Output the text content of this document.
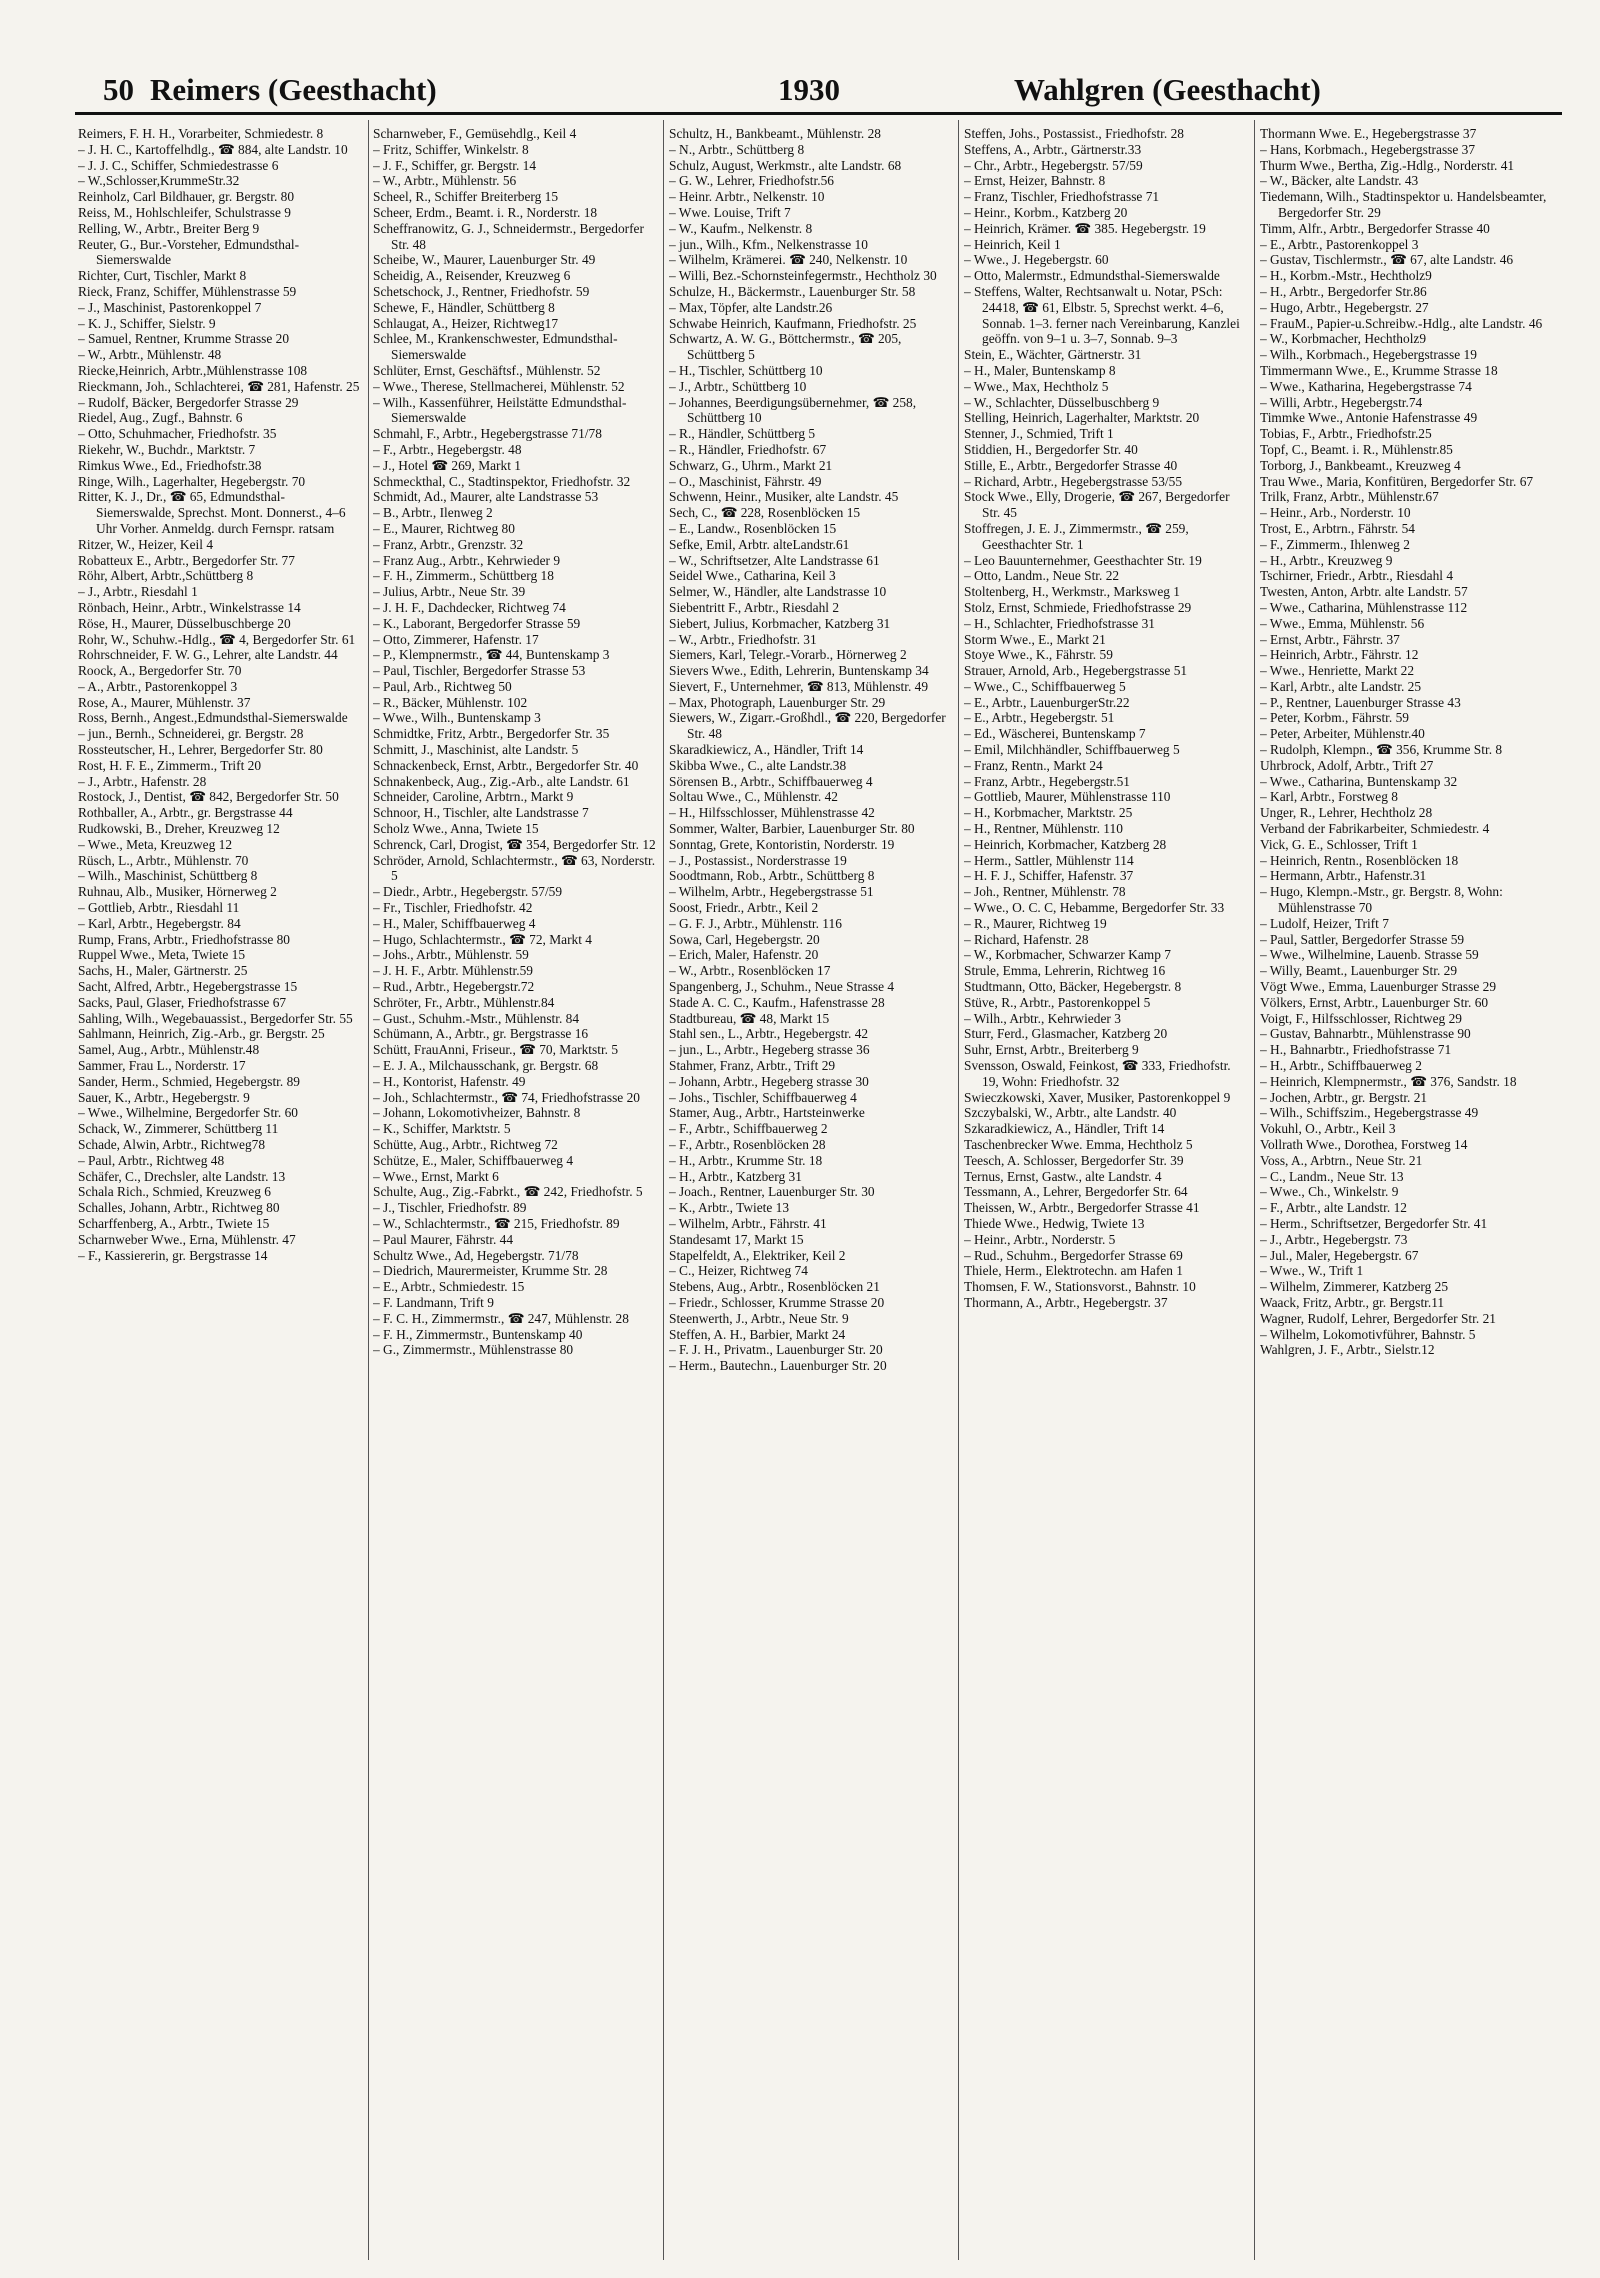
50 Reimers (Geesthacht)	1930	Wahlgren (Geesthacht)
Reimers, F. H. H., Vorarbeiter, Schmiedestr. 8
– J. H. C., Kartoffelhdlg., ☎ 884, alte Landstr. 10
– J. J. C., Schiffer, Schmiedestrasse 6
– W.,Schlosser,KrummeStr.32
Reinholz, Carl Bildhauer, gr. Bergstr. 80
Reiss, M., Hohlschleifer, Schulstrasse 9
Relling, W., Arbtr., Breiter Berg 9
Reuter, G., Bur.-Vorsteher, Edmundsthal-Siemerswalde
Richter, Curt, Tischler, Markt 8
Rieck, Franz, Schiffer, Mühlenstrasse 59
– J., Maschinist, Pastorenkoppel 7
– K. J., Schiffer, Sielstr. 9
– Samuel, Rentner, Krumme Strasse 20
– W., Arbtr., Mühlenstr. 48
Riecke,Heinrich, Arbtr.,Mühlenstrasse 108
Rieckmann, Joh., Schlachterei, ☎ 281, Hafenstr. 25
– Rudolf, Bäcker, Bergedorfer Strasse 29
Riedel, Aug., Zugf., Bahnstr. 6
– Otto, Schuhmacher, Friedhofstr. 35
Riekehr, W., Buchdr., Marktstr. 7
Rimkus Wwe., Ed., Friedhofstr.38
Ringe, Wilh., Lagerhalter, Hegebergstr. 70
Ritter, K. J., Dr., ☎ 65, Edmundsthal-Siemerswalde, Sprechst. Mont. Donnerst., 4–6 Uhr Vorher. Anmeldg. durch Fernspr. ratsam
Ritzer, W., Heizer, Keil 4
Robatteux E., Arbtr., Bergedorfer Str. 77
Röhr, Albert, Arbtr.,Schüttberg 8
– J., Arbtr., Riesdahl 1
Rönbach, Heinr., Arbtr., Winkelstrasse 14
Röse, H., Maurer, Düsselbuschberge 20
Rohr, W., Schuhw.-Hdlg., ☎ 4, Bergedorfer Str. 61
Rohrschneider, F. W. G., Lehrer, alte Landstr. 44
Roock, A., Bergedorfer Str. 70
– A., Arbtr., Pastorenkoppel 3
Rose, A., Maurer, Mühlenstr. 37
Ross, Bernh., Angest.,Edmundsthal-Siemerswalde
– jun., Bernh., Schneiderei, gr. Bergstr. 28
Rossteutscher, H., Lehrer, Bergedorfer Str. 80
Rost, H. F. E., Zimmerm., Trift 20
– J., Arbtr., Hafenstr. 28
Rostock, J., Dentist, ☎ 842, Bergedorfer Str. 50
Rothballer, A., Arbtr., gr. Bergstrasse 44
Rudkowski, B., Dreher, Kreuzweg 12
– Wwe., Meta, Kreuzweg 12
Rüsch, L., Arbtr., Mühlenstr. 70
– Wilh., Maschinist, Schüttberg 8
Ruhnau, Alb., Musiker, Hörnerweg 2
– Gottlieb, Arbtr., Riesdahl 11
– Karl, Arbtr., Hegebergstr. 84
Rump, Frans, Arbtr., Friedhofstrasse 80
Ruppel Wwe., Meta, Twiete 15
Sachs, H., Maler, Gärtnerstr. 25
Sacht, Alfred, Arbtr., Hegebergstrasse 15
Sacks, Paul, Glaser, Friedhofstrasse 67
Sahling, Wilh., Wegebauassist., Bergedorfer Str. 55
Sahlmann, Heinrich, Zig.-Arb., gr. Bergstr. 25
Samel, Aug., Arbtr., Mühlenstr.48
Sammer, Frau L., Norderstr. 17
Sander, Herm., Schmied, Hegebergstr. 89
Sauer, K., Arbtr., Hegebergstr. 9
– Wwe., Wilhelmine, Bergedorfer Str. 60
Schack, W., Zimmerer, Schüttberg 11
Schade, Alwin, Arbtr., Richtweg78
– Paul, Arbtr., Richtweg 48
Schäfer, C., Drechsler, alte Landstr. 13
Schala Rich., Schmied, Kreuzweg 6
Schalles, Johann, Arbtr., Richtweg 80
Scharffenberg, A., Arbtr., Twiete 15
Scharnweber Wwe., Erna, Mühlenstr. 47
– F., Kassiererin, gr. Bergstrasse 14
Scharnweber, F., Gemüsehdlg., Keil 4
– Fritz, Schiffer, Winkelstr. 8
– J. F., Schiffer, gr. Bergstr. 14
– W., Arbtr., Mühlenstr. 56
Scheel, R., Schiffer Breiterberg 15
Scheer, Erdm., Beamt. i. R., Norderstr. 18
Scheffranowitz, G. J., Schneidermstr., Bergedorfer Str. 48
Scheibe, W., Maurer, Lauenburger Str. 49
Scheidig, A., Reisender, Kreuzweg 6
Schetschock, J., Rentner, Friedhofstr. 59
Schewe, F., Händler, Schüttberg 8
Schlaugat, A., Heizer, Richtweg17
Schlee, M., Krankenschwester, Edmundsthal-Siemerswalde
Schlüter, Ernst, Geschäftsf., Mühlenstr. 52
– Wwe., Therese, Stellmacherei, Mühlenstr. 52
– Wilh., Kassenführer, Heilstätte Edmundsthal-Siemerswalde
Schmahl, F., Arbtr., Hegebergstrasse 71/78
– F., Arbtr., Hegebergstr. 48
– J., Hotel ☎ 269, Markt 1
Schmeckthal, C., Stadtinspektor, Friedhofstr. 32
Schmidt, Ad., Maurer, alte Landstrasse 53
– B., Arbtr., Ilenweg 2
– E., Maurer, Richtweg 80
– Franz, Arbtr., Grenzstr. 32
– Franz Aug., Arbtr., Kehrwieder 9
– F. H., Zimmerm., Schüttberg 18
– Julius, Arbtr., Neue Str. 39
– J. H. F., Dachdecker, Richtweg 74
– K., Laborant, Bergedorfer Strasse 59
– Otto, Zimmerer, Hafenstr. 17
– P., Klempnermstr., ☎ 44, Buntenskamp 3
– Paul, Tischler, Bergedorfer Strasse 53
– Paul, Arb., Richtweg 50
– R., Bäcker, Mühlenstr. 102
– Wwe., Wilh., Buntenskamp 3
Schmidtke, Fritz, Arbtr., Bergedorfer Str. 35
Schmitt, J., Maschinist, alte Landstr. 5
Schnackenbeck, Ernst, Arbtr., Bergedorfer Str. 40
Schnakenbeck, Aug., Zig.-Arb., alte Landstr. 61
Schneider, Caroline, Arbtrn., Markt 9
Schnoor, H., Tischler, alte Landstrasse 7
Scholz Wwe., Anna, Twiete 15
Schrenck, Carl, Drogist, ☎ 354, Bergedorfer Str. 12
Schröder, Arnold, Schlachtermstr., ☎ 63, Norderstr. 5
– Diedr., Arbtr., Hegebergstr. 57/59
– Fr., Tischler, Friedhofstr. 42
– H., Maler, Schiffbauerweg 4
– Hugo, Schlachtermstr., ☎ 72, Markt 4
– Johs., Arbtr., Mühlenstr. 59
– J. H. F., Arbtr. Mühlenstr.59
– Rud., Arbtr., Hegebergstr.72
Schröter, Fr., Arbtr., Mühlenstr.84
– Gust., Schuhm.-Mstr., Mühlenstr. 84
Schümann, A., Arbtr., gr. Bergstrasse 16
Schütt, FrauAnni, Friseur., ☎ 70, Marktstr. 5
– E. J. A., Milchausschank, gr. Bergstr. 68
– H., Kontorist, Hafenstr. 49
– Joh., Schlachtermstr., ☎ 74, Friedhofstrasse 20
– Johann, Lokomotivheizer, Bahnstr. 8
– K., Schiffer, Marktstr. 5
Schütte, Aug., Arbtr., Richtweg 72
Schütze, E., Maler, Schiffbauerweg 4
– Wwe., Ernst, Markt 6
Schulte, Aug., Zig.-Fabrkt., ☎ 242, Friedhofstr. 5
– J., Tischler, Friedhofstr. 89
– W., Schlachtermstr., ☎ 215, Friedhofstr. 89
– Paul Maurer, Fährstr. 44
Schultz Wwe., Ad, Hegebergstr. 71/78
– Diedrich, Maurermeister, Krumme Str. 28
– E., Arbtr., Schmiedestr. 15
– F. Landmann, Trift 9
– F. C. H., Zimmermstr., ☎ 247, Mühlenstr. 28
– F. H., Zimmermstr., Buntenskamp 40
– G., Zimmermstr., Mühlenstrasse 80
Schultz, H., Bankbeamt., Mühlenstr. 28
– N., Arbtr., Schüttberg 8
Schulz, August, Werkmstr., alte Landstr. 68
– G. W., Lehrer, Friedhofstr.56
– Heinr. Arbtr., Nelkenstr. 10
– Wwe. Louise, Trift 7
– W., Kaufm., Nelkenstr. 8
– jun., Wilh., Kfm., Nelkenstrasse 10
– Wilhelm, Krämerei. ☎ 240, Nelkenstr. 10
– Willi, Bez.-Schornsteinfegermstr., Hechtholz 30
Schulze, H., Bäckermstr., Lauenburger Str. 58
– Max, Töpfer, alte Landstr.26
Schwabe Heinrich, Kaufmann, Friedhofstr. 25
Schwartz, A. W. G., Böttchermstr., ☎ 205, Schüttberg 5
– H., Tischler, Schüttberg 10
– J., Arbtr., Schüttberg 10
– Johannes, Beerdigungsübernehmer, ☎ 258, Schüttberg 10
– R., Händler, Schüttberg 5
– R., Händler, Friedhofstr. 67
Schwarz, G., Uhrm., Markt 21
– O., Maschinist, Fährstr. 49
Schwenn, Heinr., Musiker, alte Landstr. 45
Sech, C., ☎ 228, Rosenblöcken 15
– E., Landw., Rosenblöcken 15
Sefke, Emil, Arbtr. alteLandstr.61
– W., Schriftsetzer, Alte Landstrasse 61
Seidel Wwe., Catharina, Keil 3
Selmer, W., Händler, alte Landstrasse 10
Siebentritt F., Arbtr., Riesdahl 2
Siebert, Julius, Korbmacher, Katzberg 31
– W., Arbtr., Friedhofstr. 31
Siemers, Karl, Telegr.-Vorarb., Hörnerweg 2
Sievers Wwe., Edith, Lehrerin, Buntenskamp 34
Sievert, F., Unternehmer, ☎ 813, Mühlenstr. 49
– Max, Photograph, Lauenburger Str. 29
Siewers, W., Zigarr.-Großhdl., ☎ 220, Bergedorfer Str. 48
Skaradkiewicz, A., Händler, Trift 14
Skibba Wwe., C., alte Landstr.38
Sörensen B., Arbtr., Schiffbauerweg 4
Soltau Wwe., C., Mühlenstr. 42
– H., Hilfsschlosser, Mühlenstrasse 42
Sommer, Walter, Barbier, Lauenburger Str. 80
Sonntag, Grete, Kontoristin, Norderstr. 19
– J., Postassist., Norderstrasse 19
Soodtmann, Rob., Arbtr., Schüttberg 8
– Wilhelm, Arbtr., Hegebergstrasse 51
Soost, Friedr., Arbtr., Keil 2
– G. F. J., Arbtr., Mühlenstr. 116
Sowa, Carl, Hegebergstr. 20
– Erich, Maler, Hafenstr. 20
– W., Arbtr., Rosenblöcken 17
Spangenberg, J., Schuhm., Neue Strasse 4
Stade A. C. C., Kaufm., Hafenstrasse 28
Stadtbureau, ☎ 48, Markt 15
Stahl sen., L., Arbtr., Hegebergstr. 42
– jun., L., Arbtr., Hegeberg strasse 36
Stahmer, Franz, Arbtr., Trift 29
– Johann, Arbtr., Hegeberg strasse 30
– Johs., Tischler, Schiffbauerweg 4
Stamer, Aug., Arbtr., Hartsteinwerke
– F., Arbtr., Schiffbauerweg 2
– F., Arbtr., Rosenblöcken 28
– H., Arbtr., Krumme Str. 18
– H., Arbtr., Katzberg 31
– Joach., Rentner, Lauenburger Str. 30
– K., Arbtr., Twiete 13
– Wilhelm, Arbtr., Fährstr. 41
Standesamt 17, Markt 15
Stapelfeldt, A., Elektriker, Keil 2
– C., Heizer, Richtweg 74
Stebens, Aug., Arbtr., Rosenblöcken 21
– Friedr., Schlosser, Krumme Strasse 20
Steenwerth, J., Arbtr., Neue Str. 9
Steffen, A. H., Barbier, Markt 24
– F. J. H., Privatm., Lauenburger Str. 20
– Herm., Bautechn., Lauenburger Str. 20
Steffen, Johs., Postassist., Friedhofstr. 28
Steffens, A., Arbtr., Gärtnerstr.33
– Chr., Arbtr., Hegebergstr. 57/59
– Ernst, Heizer, Bahnstr. 8
– Franz, Tischler, Friedhofstrasse 71
– Heinr., Korbm., Katzberg 20
– Heinrich, Krämer. ☎ 385. Hegebergstr. 19
– Heinrich, Keil 1
– Wwe., J. Hegebergstr. 60
– Otto, Malermstr., Edmundsthal-Siemerswalde
– Steffens, Walter, Rechtsanwalt u. Notar, PSch: 24418, ☎ 61, Elbstr. 5, Sprechst werkt. 4–6, Sonnab. 1–3. ferner nach Vereinbarung, Kanzlei geöffn. von 9–1 u. 3–7, Sonnab. 9–3
Stein, E., Wächter, Gärtnerstr. 31
– H., Maler, Buntenskamp 8
– Wwe., Max, Hechtholz 5
– W., Schlachter, Düsselbuschberg 9
Stelling, Heinrich, Lagerhalter, Marktstr. 20
Stenner, J., Schmied, Trift 1
Stiddien, H., Bergedorfer Str. 40
Stille, E., Arbtr., Bergedorfer Strasse 40
– Richard, Arbtr., Hegebergstrasse 53/55
Stock Wwe., Elly, Drogerie, ☎ 267, Bergedorfer Str. 45
Stoffregen, J. E. J., Zimmermstr., ☎ 259, Geesthachter Str. 1
– Leo Bauunternehmer, Geesthachter Str. 19
– Otto, Landm., Neue Str. 22
Stoltenberg, H., Werkmstr., Marksweg 1
Stolz, Ernst, Schmiede, Friedhofstrasse 29
– H., Schlachter, Friedhofstrasse 31
Storm Wwe., E., Markt 21
Stoye Wwe., K., Fährstr. 59
Strauer, Arnold, Arb., Hegebergstrasse 51
– Wwe., C., Schiffbauerweg 5
– E., Arbtr., LauenburgerStr.22
– E., Arbtr., Hegebergstr. 51
– Ed., Wäscherei, Buntenskamp 7
– Emil, Milchhändler, Schiffbauerweg 5
– Franz, Rentn., Markt 24
– Franz, Arbtr., Hegebergstr.51
– Gottlieb, Maurer, Mühlenstrasse 110
– H., Korbmacher, Marktstr. 25
– H., Rentner, Mühlenstr. 110
– Heinrich, Korbmacher, Katzberg 28
– Herm., Sattler, Mühlenstr 114
– H. F. J., Schiffer, Hafenstr. 37
– Joh., Rentner, Mühlenstr. 78
– Wwe., O. C. C, Hebamme, Bergedorfer Str. 33
– R., Maurer, Richtweg 19
– Richard, Hafenstr. 28
– W., Korbmacher, Schwarzer Kamp 7
Strule, Emma, Lehrerin, Richtweg 16
Studtmann, Otto, Bäcker, Hegebergstr. 8
Stüve, R., Arbtr., Pastorenkoppel 5
– Wilh., Arbtr., Kehrwieder 3
Sturr, Ferd., Glasmacher, Katzberg 20
Suhr, Ernst, Arbtr., Breiterberg 9
Svensson, Oswald, Feinkost, ☎ 333, Friedhofstr. 19, Wohn: Friedhofstr. 32
Swieczkowski, Xaver, Musiker, Pastorenkoppel 9
Szczybalski, W., Arbtr., alte Landstr. 40
Szkaradkiewicz, A., Händler, Trift 14
Taschenbrecker Wwe. Emma, Hechtholz 5
Teesch, A. Schlosser, Bergedorfer Str. 39
Ternus, Ernst, Gastw., alte Landstr. 4
Tessmann, A., Lehrer, Bergedorfer Str. 64
Theissen, W., Arbtr., Bergedorfer Strasse 41
Thiede Wwe., Hedwig, Twiete 13
– Heinr., Arbtr., Norderstr. 5
– Rud., Schuhm., Bergedorfer Strasse 69
Thiele, Herm., Elektrotechn. am Hafen 1
Thomsen, F. W., Stationsvorst., Bahnstr. 10
Thormann, A., Arbtr., Hegebergstr. 37
Thormann Wwe. E., Hegebergstrasse 37
– Hans, Korbmach., Hegebergstrasse 37
Thurm Wwe., Bertha, Zig.-Hdlg., Norderstr. 41
– W., Bäcker, alte Landstr. 43
Tiedemann, Wilh., Stadtinspektor u. Handelsbeamter, Bergedorfer Str. 29
Timm, Alfr., Arbtr., Bergedorfer Strasse 40
– E., Arbtr., Pastorenkoppel 3
– Gustav, Tischlermstr., ☎ 67, alte Landstr. 46
– H., Korbm.-Mstr., Hechtholz9
– H., Arbtr., Bergedorfer Str.86
– Hugo, Arbtr., Hegebergstr. 27
– FrauM., Papier-u.Schreibw.-Hdlg., alte Landstr. 46
– W., Korbmacher, Hechtholz9
– Wilh., Korbmach., Hegebergstrasse 19
Timmermann Wwe., E., Krumme Strasse 18
– Wwe., Katharina, Hegebergstrasse 74
– Willi, Arbtr., Hegebergstr.74
Timmke Wwe., Antonie Hafenstrasse 49
Tobias, F., Arbtr., Friedhofstr.25
Topf, C., Beamt. i. R., Mühlenstr.85
Torborg, J., Bankbeamt., Kreuzweg 4
Trau Wwe., Maria, Konfitüren, Bergedorfer Str. 67
Trilk, Franz, Arbtr., Mühlenstr.67
– Heinr., Arb., Norderstr. 10
Trost, E., Arbtrn., Fährstr. 54
– F., Zimmerm., Ihlenweg 2
– H., Arbtr., Kreuzweg 9
Tschirner, Friedr., Arbtr., Riesdahl 4
Twesten, Anton, Arbtr. alte Landstr. 57
– Wwe., Catharina, Mühlenstrasse 112
– Wwe., Emma, Mühlenstr. 56
– Ernst, Arbtr., Fährstr. 37
– Heinrich, Arbtr., Fährstr. 12
– Wwe., Henriette, Markt 22
– Karl, Arbtr., alte Landstr. 25
– P., Rentner, Lauenburger Strasse 43
– Peter, Korbm., Fährstr. 59
– Peter, Arbeiter, Mühlenstr.40
– Rudolph, Klempn., ☎ 356, Krumme Str. 8
Uhrbrock, Adolf, Arbtr., Trift 27
– Wwe., Catharina, Buntenskamp 32
– Karl, Arbtr., Forstweg 8
Unger, R., Lehrer, Hechtholz 28
Verband der Fabrikarbeiter, Schmiedestr. 4
Vick, G. E., Schlosser, Trift 1
– Heinrich, Rentn., Rosenblöcken 18
– Hermann, Arbtr., Hafenstr.31
– Hugo, Klempn.-Mstr., gr. Bergstr. 8, Wohn: Mühlenstrasse 70
– Ludolf, Heizer, Trift 7
– Paul, Sattler, Bergedorfer Strasse 59
– Wwe., Wilhelmine, Lauenb. Strasse 59
– Willy, Beamt., Lauenburger Str. 29
Vögt Wwe., Emma, Lauenburger Strasse 29
Völkers, Ernst, Arbtr., Lauenburger Str. 60
Voigt, F., Hilfsschlosser, Richtweg 29
– Gustav, Bahnarbtr., Mühlenstrasse 90
– H., Bahnarbtr., Friedhofstrasse 71
– H., Arbtr., Schiffbauerweg 2
– Heinrich, Klempnermstr., ☎ 376, Sandstr. 18
– Jochen, Arbtr., gr. Bergstr. 21
– Wilh., Schiffszim., Hegebergstrasse 49
Vokuhl, O., Arbtr., Keil 3
Vollrath Wwe., Dorothea, Forstweg 14
Voss, A., Arbtrn., Neue Str. 21
– C., Landm., Neue Str. 13
– Wwe., Ch., Winkelstr. 9
– F., Arbtr., alte Landstr. 12
– Herm., Schriftsetzer, Bergedorfer Str. 41
– J., Arbtr., Hegebergstr. 73
– Jul., Maler, Hegebergstr. 67
– Wwe., W., Trift 1
– Wilhelm, Zimmerer, Katzberg 25
Waack, Fritz, Arbtr., gr. Bergstr.11
Wagner, Rudolf, Lehrer, Bergedorfer Str. 21
– Wilhelm, Lokomotivführer, Bahnstr. 5
Wahlgren, J. F., Arbtr., Sielstr.12
